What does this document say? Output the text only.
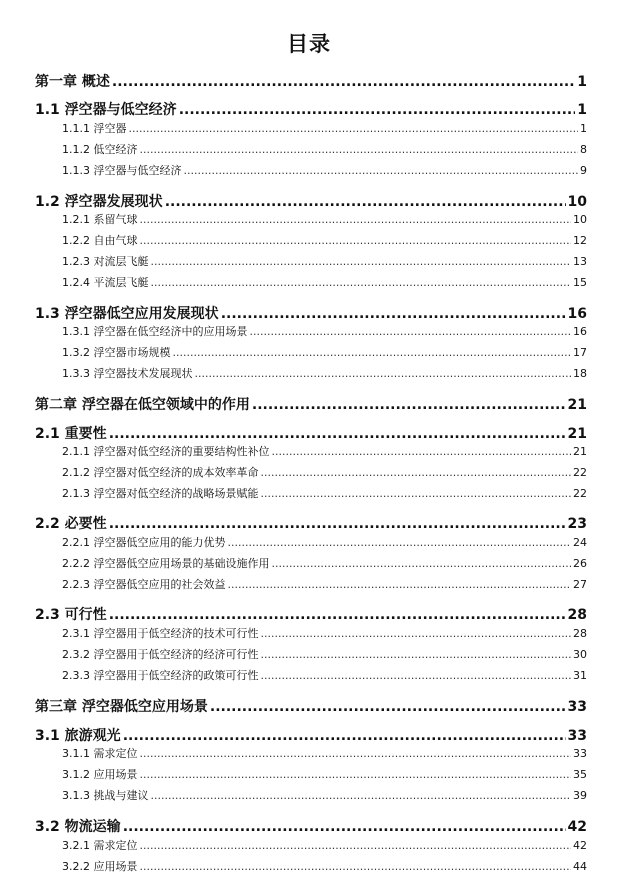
目录
第一章 概述 .....	1
1.1 浮空器与低空经济 .....	1
1.1.1 浮空器 .....	1
1.1.2 低空经济 .....	8
1.1.3 浮空器与低空经济 .....	9
1.2 浮空器发展现状 .....	10
1.2.1 系留气球 .....	10
1.2.2 自由气球 .....	12
1.2.3 对流层飞艇 .....	13
1.2.4 平流层飞艇 .....	15
1.3 浮空器低空应用发展现状 .....	16
1.3.1 浮空器在低空经济中的应用场景 .....	16
1.3.2 浮空器市场规模 .....	17
1.3.3 浮空器技术发展现状 .....	18
第二章 浮空器在低空领域中的作用 .....	21
2.1 重要性 .....	21
2.1.1 浮空器对低空经济的重要结构性补位 .....	21
2.1.2 浮空器对低空经济的成本效率革命 .....	22
2.1.3 浮空器对低空经济的战略场景赋能 .....	22
2.2 必要性 .....	23
2.2.1 浮空器低空应用的能力优势 .....	24
2.2.2 浮空器低空应用场景的基础设施作用 .....	26
2.2.3 浮空器低空应用的社会效益 .....	27
2.3 可行性 .....	28
2.3.1 浮空器用于低空经济的技术可行性 .....	28
2.3.2 浮空器用于低空经济的经济可行性 .....	30
2.3.3 浮空器用于低空经济的政策可行性 .....	31
第三章 浮空器低空应用场景 .....	33
3.1 旅游观光 .....	33
3.1.1 需求定位 .....	33
3.1.2 应用场景 .....	35
3.1.3 挑战与建议 .....	39
3.2 物流运输 .....	42
3.2.1 需求定位 .....	42
3.2.2 应用场景 .....	44
